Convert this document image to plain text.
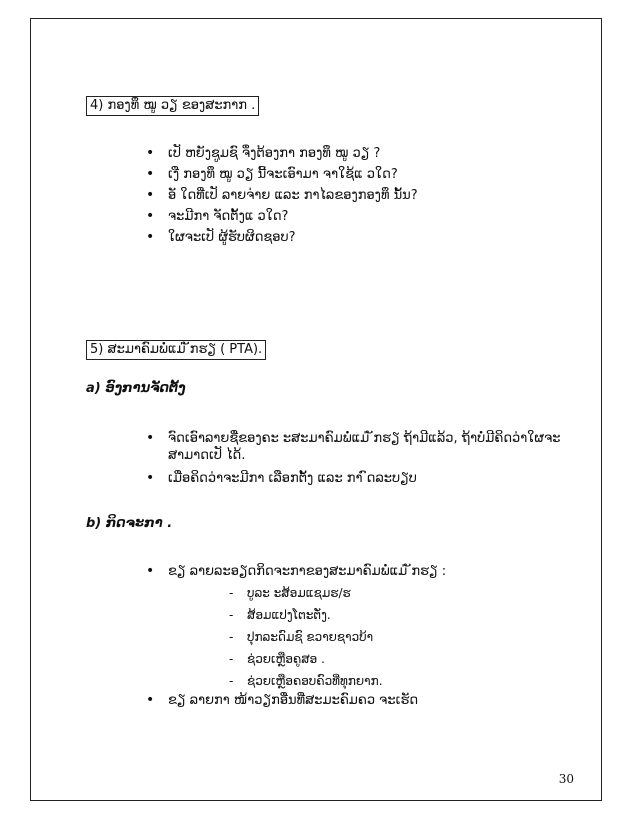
4) ກອງທຶ ໝູ ວຽ ຂອງສະກາກ .
• ເປັ ຫຍັງຊູມຊົ ຈຶ່ງຕ້ອງກາ ກອງທຶ ໝູ ວຽ ?
• ເງື ກອງທຶ ໝູ ວຽ ນີ້ຈະເອົາມາ ຈາໃຊ້ແ ວໃດ?
• ອັ ໃດທີ່ເປັ ລາຍຈ່າຍ ແລະ ກາໄລຂອງກອງທຶ ນັ້ນ?
• ຈະມີກາ ຈັດຕັ້ງແ ວໃດ?
• ໃຜຈະເປັ ຜູ້ຮັບຜິດຊອບ?
5) ສະມາຄົມພໍ່ແມ່ ັກຮຽ ( PTA).
a) ອົງການຈັດຕັ້ງ
• ຈົດເອົາລາຍຊື່ຂອງຄະ ະສະມາຄົມພໍ່ແມ່ ັກຮຽ ຖ້າມີແລ້ວ, ຖ້າບໍ່ມີຄິດວ່າໃຜຈະ
ສາມາດເປັ ໄດ້.
• ເມື່ອຄິດວ່າຈະມີກາ ເລືອກຕັ້ງ ແລະ ກາ ົດລະບຽບ
b) ກິດຈະກາ .
• ຂຽ ລາຍລະອຽດກິດຈະກາຂອງສະມາຄົມພໍ່ແມ່ ັກຮຽ :
- ບູລະ ະສ້ອມແຊມຮ/ຮ
- ສ້ອມແປງໂຕະຕັ່ງ.
- ປຸກລະດົມຊົ ຂວາຍຊາວບ້າ
- ຊ່ວຍເຫຼືອຄູສອ .
- ຊ່ວຍເຫຼືອຄອບຄົວທີ່ທຸກຍາກ.
• ຂຽ ລາຍກາ ໜ້າວຽກອື່ນທີ່ສະມະຄົມຄວ ຈະເຮັດ
30
